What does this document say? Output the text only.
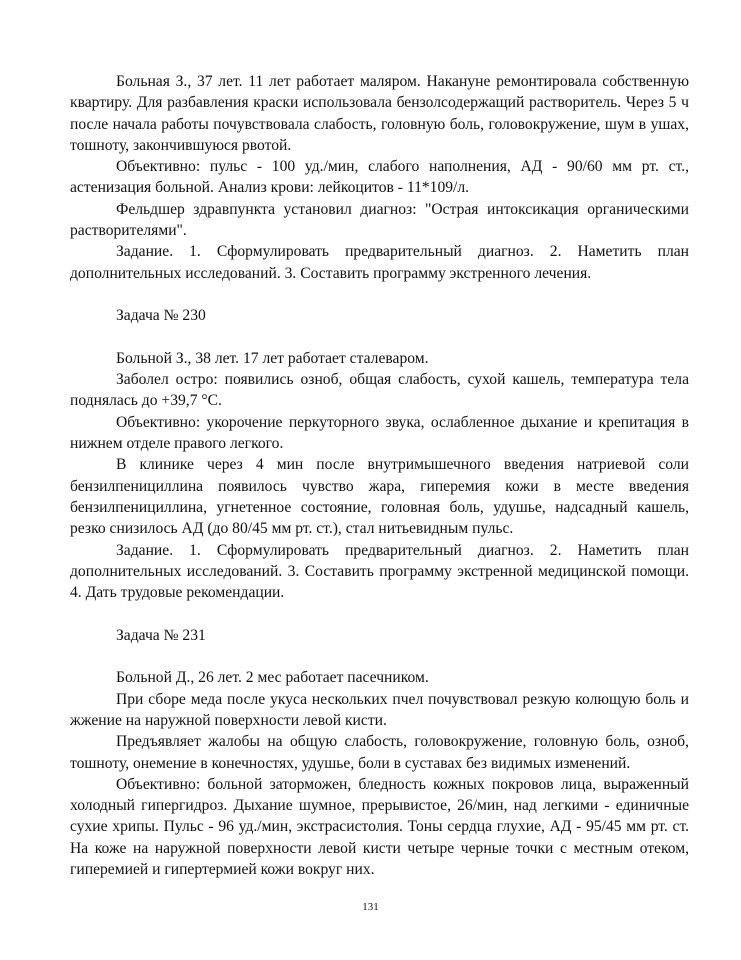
Больная З., 37 лет. 11 лет работает маляром. Накануне ремонтировала собственную квартиру. Для разбавления краски использовала бензолсодержащий растворитель. Через 5 ч после начала работы почувствовала слабость, головную боль, головокружение, шум в ушах, тошноту, закончившуюся рвотой.

Объективно: пульс - 100 уд./мин, слабого наполнения, АД - 90/60 мм рт. ст., астенизация больной. Анализ крови: лейкоцитов - 11*109/л.

Фельдшер здравпункта установил диагноз: "Острая интоксикация органическими растворителями".

Задание. 1. Сформулировать предварительный диагноз. 2. Наметить план дополнительных исследований. 3. Составить программу экстренного лечения.

Задача № 230

Больной З., 38 лет. 17 лет работает сталеваром.

Заболел остро: появились озноб, общая слабость, сухой кашель, температура тела поднялась до +39,7 °С.

Объективно: укорочение перкуторного звука, ослабленное дыхание и крепитация в нижнем отделе правого легкого.

В клинике через 4 мин после внутримышечного введения натриевой соли бензилпенициллина появилось чувство жара, гиперемия кожи в месте введения бензилпенициллина, угнетенное состояние, головная боль, удушье, надсадный кашель, резко снизилось АД (до 80/45 мм рт. ст.), стал нитьевидным пульс.

Задание. 1. Сформулировать предварительный диагноз. 2. Наметить план дополнительных исследований. 3. Составить программу экстренной медицинской помощи. 4. Дать трудовые рекомендации.

Задача № 231

Больной Д., 26 лет. 2 мес работает пасечником.

При сборе меда после укуса нескольких пчел почувствовал резкую колющую боль и жжение на наружной поверхности левой кисти.

Предъявляет жалобы на общую слабость, головокружение, головную боль, озноб, тошноту, онемение в конечностях, удушье, боли в суставах без видимых изменений.

Объективно: больной заторможен, бледность кожных покровов лица, выраженный холодный гипергидроз. Дыхание шумное, прерывистое, 26/мин, над легкими - единичные сухие хрипы. Пульс - 96 уд./мин, экстрасистолия. Тоны сердца глухие, АД - 95/45 мм рт. ст. На коже на наружной поверхности левой кисти четыре черные точки с местным отеком, гиперемией и гипертермией кожи вокруг них.

131
